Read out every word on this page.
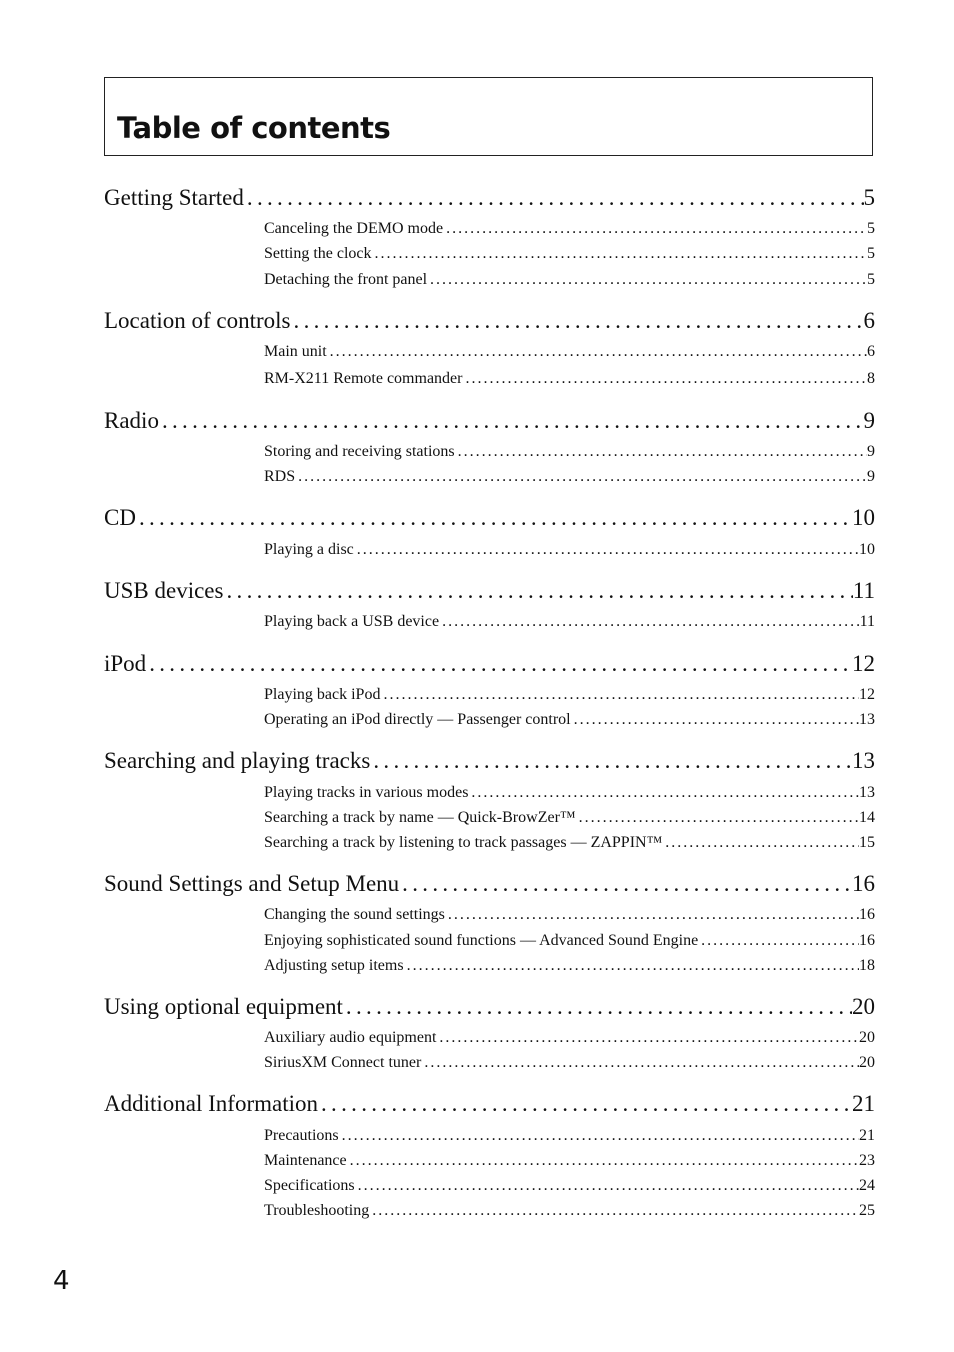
Table of contents
Getting Started .....	5
Canceling the DEMO mode .....	5
Setting the clock .....	5
Detaching the front panel .....	5
Location of controls .....	6
Main unit .....	6
RM-X211 Remote commander .....	8
Radio .....	9
Storing and receiving stations .....	9
RDS .....	9
CD .....	10
Playing a disc .....	10
USB devices .....	11
Playing back a USB device .....	11
iPod .....	12
Playing back iPod .....	12
Operating an iPod directly — Passenger control .....	13
Searching and playing tracks .....	13
Playing tracks in various modes .....	13
Searching a track by name — Quick-BrowZer™ .....	14
Searching a track by listening to track passages — ZAPPIN™ .....	15
Sound Settings and Setup Menu .....	16
Changing the sound settings .....	16
Enjoying sophisticated sound functions — Advanced Sound Engine .....	16
Adjusting setup items .....	18
Using optional equipment .....	20
Auxiliary audio equipment .....	20
SiriusXM Connect tuner .....	20
Additional Information .....	21
Precautions .....	21
Maintenance .....	23
Specifications .....	24
Troubleshooting .....	25
4
